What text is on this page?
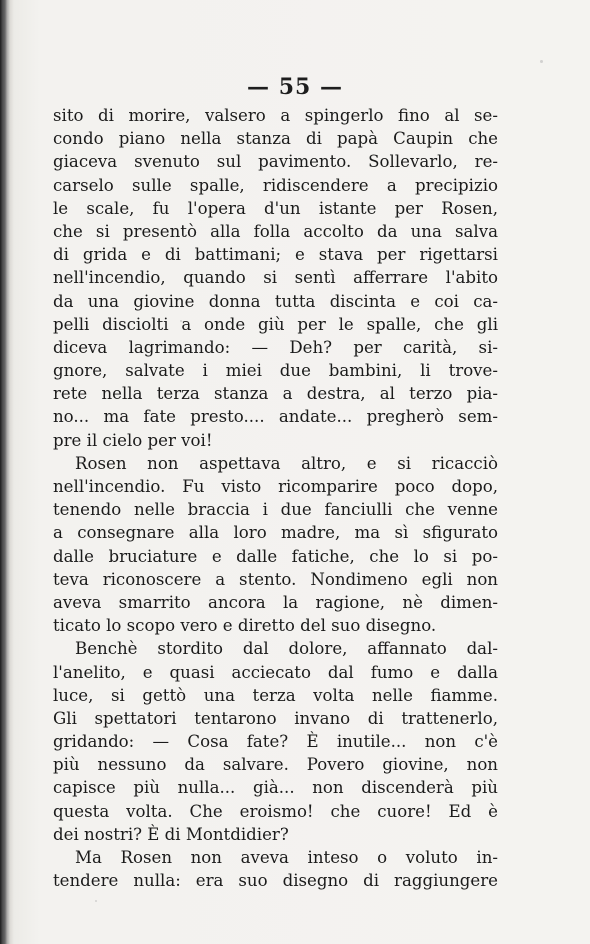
— 55 —
sito di morire, valsero a spingerlo fino al se-
condo piano nella stanza di papà Caupin che
giaceva svenuto sul pavimento. Sollevarlo, re-
carselo sulle spalle, ridiscendere a precipizio
le scale, fu l'opera d'un istante per Rosen,
che si presentò alla folla accolto da una salva
di grida e di battimani; e stava per rigettarsi
nell'incendio, quando si sentì afferrare l'abito
da una giovine donna tutta discinta e coi ca-
pelli disciolti a onde giù per le spalle, che gli
diceva lagrimando: — Deh? per carità, si-
gnore, salvate i miei due bambini, li trove-
rete nella terza stanza a destra, al terzo pia-
no... ma fate presto.... andate... pregherò sem-
pre il cielo per voi!
Rosen non aspettava altro, e si ricacciò
nell'incendio. Fu visto ricomparire poco dopo,
tenendo nelle braccia i due fanciulli che venne
a consegnare alla loro madre, ma sì sfigurato
dalle bruciature e dalle fatiche, che lo si po-
teva riconoscere a stento. Nondimeno egli non
aveva smarrito ancora la ragione, nè dimen-
ticato lo scopo vero e diretto del suo disegno.
Benchè stordito dal dolore, affannato dal-
l'anelito, e quasi acciecato dal fumo e dalla
luce, si gettò una terza volta nelle fiamme.
Gli spettatori tentarono invano di trattenerlo,
gridando: — Cosa fate? È inutile... non c'è
più nessuno da salvare. Povero giovine, non
capisce più nulla... già... non discenderà più
questa volta. Che eroismo! che cuore! Ed è
dei nostri? È di Montdidier?
Ma Rosen non aveva inteso o voluto in-
tendere nulla: era suo disegno di raggiungere
